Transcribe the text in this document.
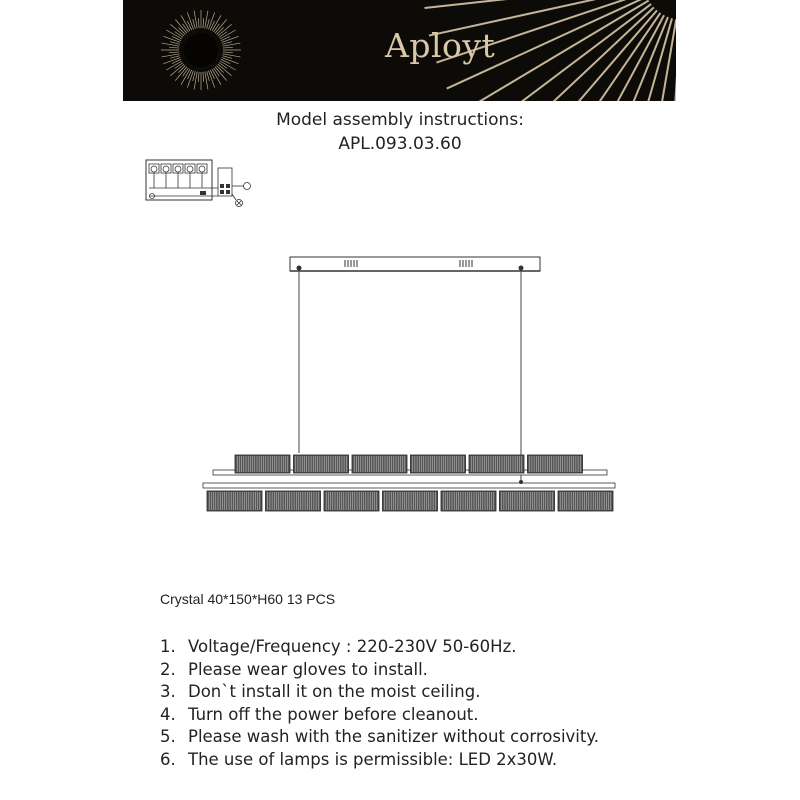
Aployt
Model assembly instructions:
APL.093.03.60
Crystal 40*150*H60 13 PCS
1. Voltage/Frequency : 220-230V 50-60Hz.
2. Please wear gloves to install.
3. Don`t install it on the moist ceiling.
4. Turn off the power before cleanout.
5. Please wash with the sanitizer without corrosivity.
6. The use of lamps is permissible: LED 2x30W.
